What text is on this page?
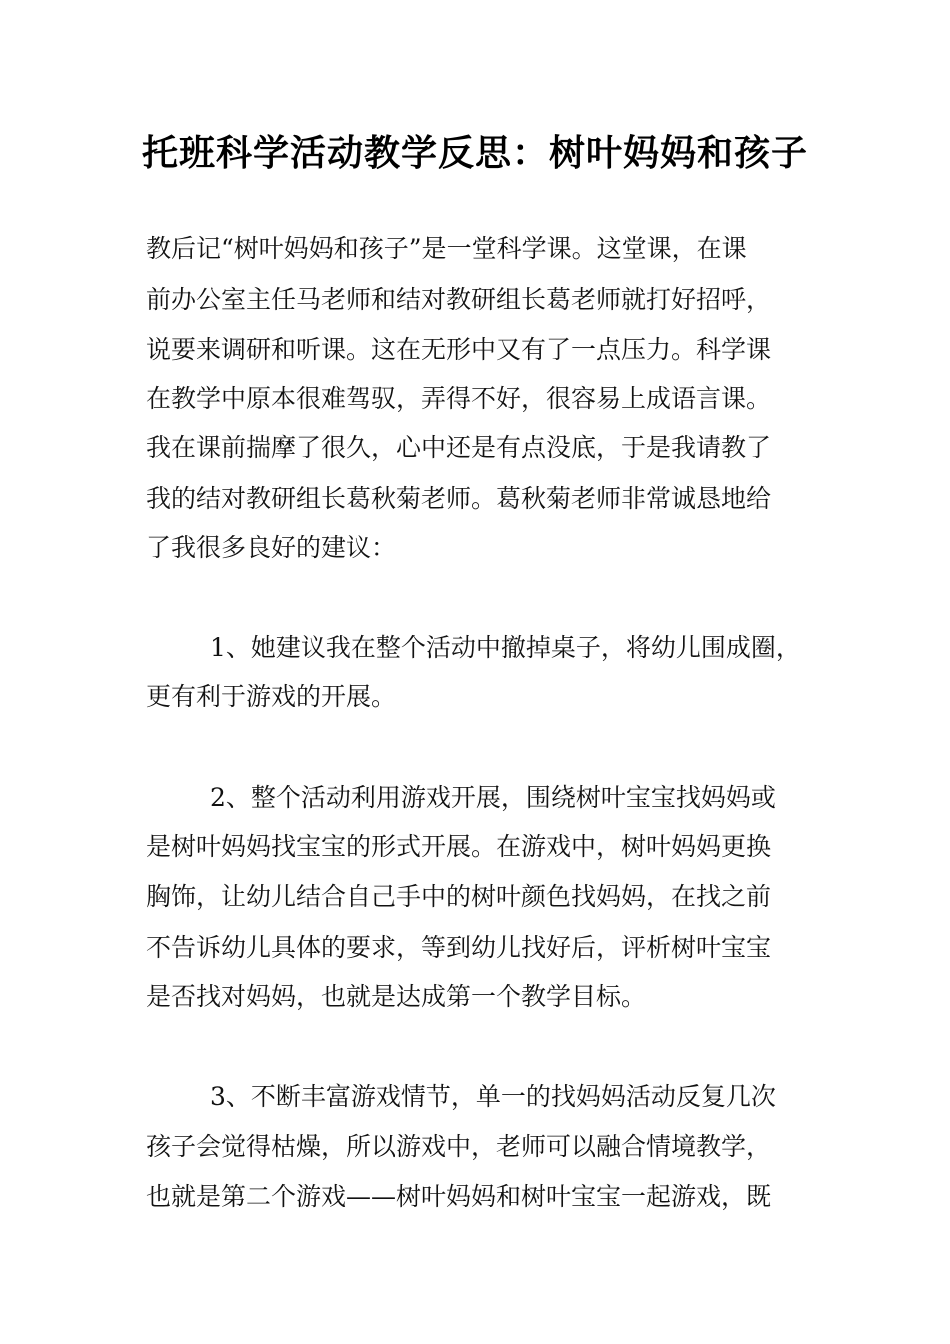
托班科学活动教学反思：树叶妈妈和孩子
教后记“树叶妈妈和孩子”是一堂科学课。这堂课，在课
前办公室主任马老师和结对教研组长葛老师就打好招呼，
说要来调研和听课。这在无形中又有了一点压力。科学课
在教学中原本很难驾驭，弄得不好，很容易上成语言课。
我在课前揣摩了很久，心中还是有点没底，于是我请教了
我的结对教研组长葛秋菊老师。葛秋菊老师非常诚恳地给
了我很多良好的建议：
1、她建议我在整个活动中撤掉桌子，将幼儿围成圈，
更有利于游戏的开展。
2、整个活动利用游戏开展，围绕树叶宝宝找妈妈或
是树叶妈妈找宝宝的形式开展。在游戏中，树叶妈妈更换
胸饰，让幼儿结合自己手中的树叶颜色找妈妈，在找之前
不告诉幼儿具体的要求，等到幼儿找好后，评析树叶宝宝
是否找对妈妈，也就是达成第一个教学目标。
3、不断丰富游戏情节，单一的找妈妈活动反复几次
孩子会觉得枯燥，所以游戏中，老师可以融合情境教学，
也就是第二个游戏——树叶妈妈和树叶宝宝一起游戏，既
